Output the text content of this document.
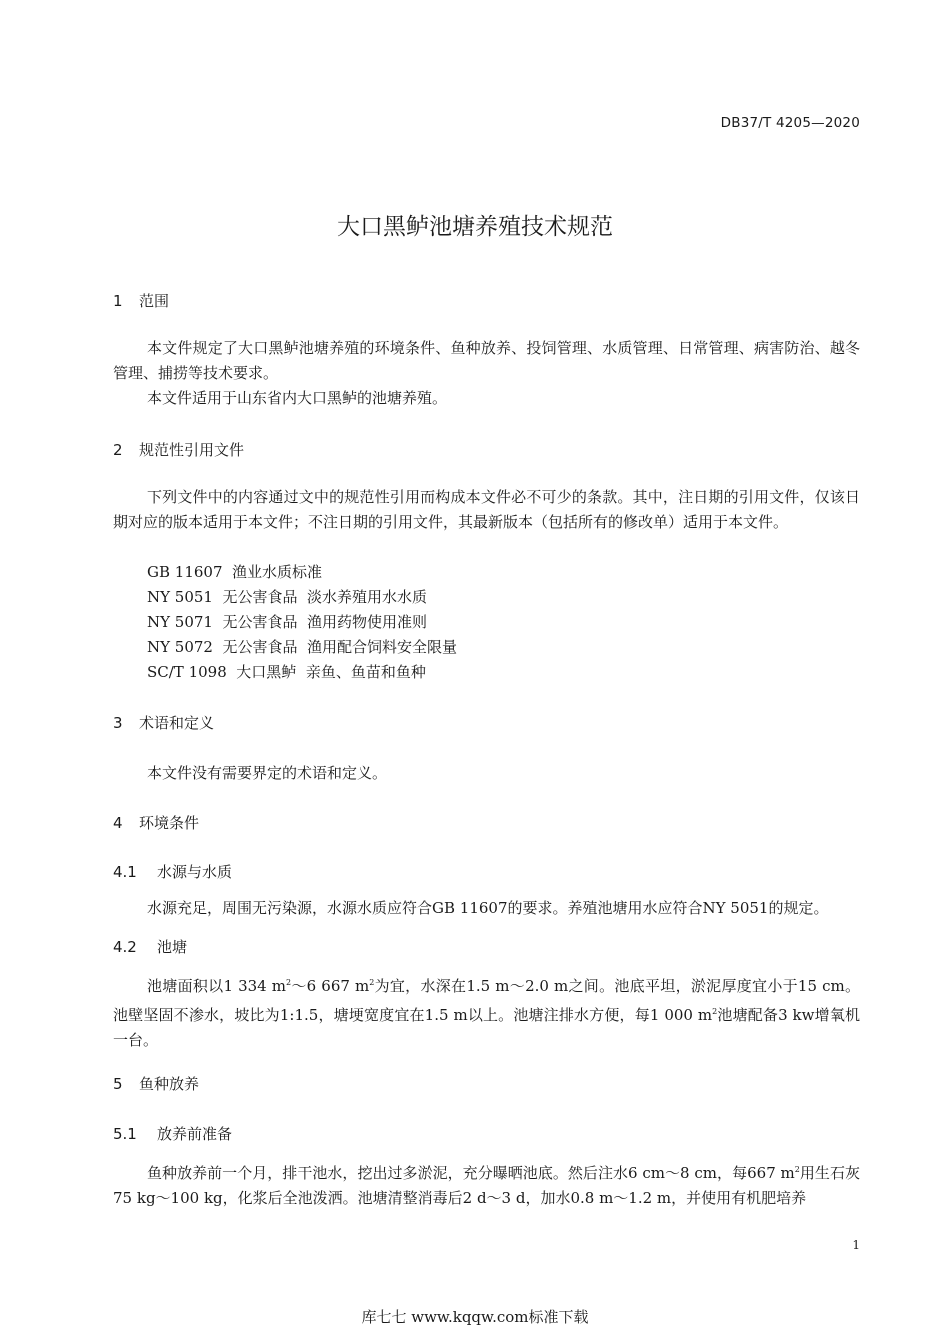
DB37/T 4205—2020
大口黑鲈池塘养殖技术规范
1 范围

本文件规定了大口黑鲈池塘养殖的环境条件、鱼种放养、投饲管理、水质管理、日常管理、病害防治、越冬管理、捕捞等技术要求。

本文件适用于山东省内大口黑鲈的池塘养殖。

2 规范性引用文件

下列文件中的内容通过文中的规范性引用而构成本文件必不可少的条款。其中，注日期的引用文件，仅该日期对应的版本适用于本文件；不注日期的引用文件，其最新版本（包括所有的修改单）适用于本文件。

GB 11607  渔业水质标准
NY 5051  无公害食品  淡水养殖用水水质
NY 5071  无公害食品  渔用药物使用准则
NY 5072  无公害食品  渔用配合饲料安全限量
SC/T 1098  大口黑鲈  亲鱼、鱼苗和鱼种
3 术语和定义

本文件没有需要界定的术语和定义。

4 环境条件
4.1 水源与水质

水源充足，周围无污染源，水源水质应符合GB 11607的要求。养殖池塘用水应符合NY 5051的规定。

4.2 池塘

池塘面积以1 334 $m^2\sim 6$ 667 $m^2$为宜，水深在1.5 m～2.0 m之间。池底平坦，淤泥厚度宜小于15 cm。池壁坚固不渗水，坡比为1:1.5，塘埂宽度宜在1.5 m以上。池塘注排水方便，每1 000 $m^2$池塘配备3 kw增氧机一台。

5 鱼种放养
5.1 放养前准备

鱼种放养前一个月，排干池水，挖出过多淤泥，充分曝晒池底。然后注水6 cm～8 cm，每667 $m^2$用生石灰75 kg～100 kg，化浆后全池泼洒。池塘清整消毒后2 d～3 d，加水0.8 m～1.2 m，并使用有机肥培养

1
库七七 www.kqqw.com标准下载
